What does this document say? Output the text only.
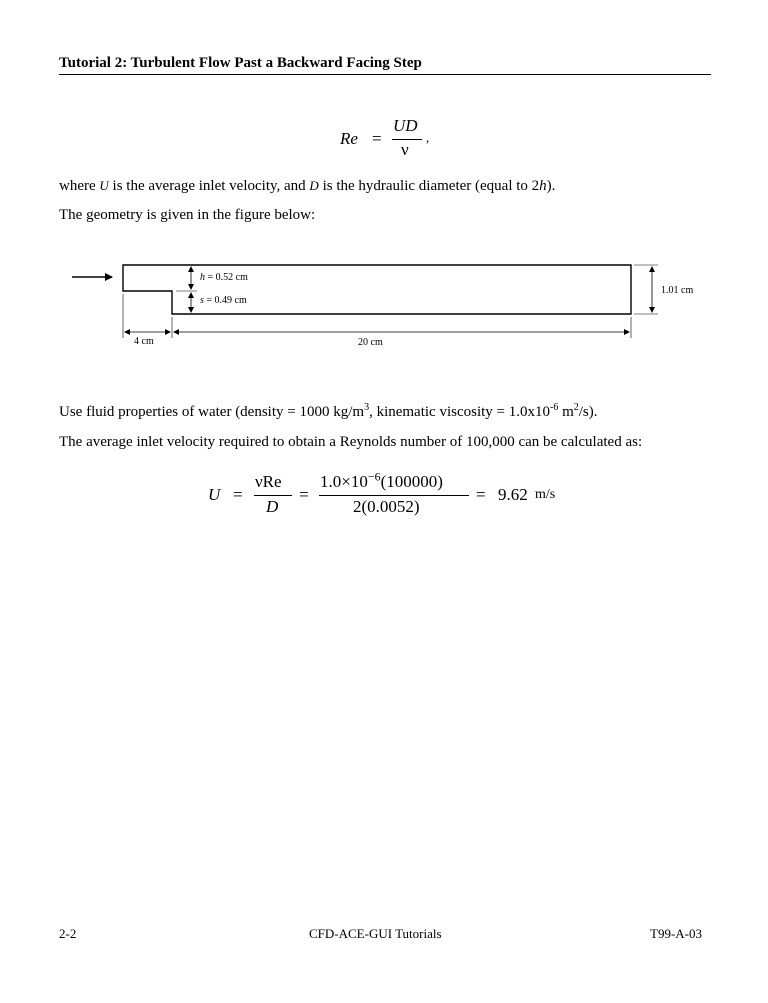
Tutorial 2: Turbulent Flow Past a Backward Facing Step
Re =
UD
ν
,
where U is the average inlet velocity, and D is the hydraulic diameter (equal to 2h).
The geometry is given in the figure below:
h = 0.52 cm
s = 0.49 cm
1.01 cm
4 cm	20 cm
Use fluid properties of water (density = 1000 $kg/m^3$, kinematic viscosity = $1.0x10^{-6}$ $m^2/s$).
The average inlet velocity required to obtain a Reynolds number of 100,000 can be calculated as:
U =
νRe
D
=
$1.0\times 10^{-6}(100000)$
2(0.0052)
= 9.62 m/s
2-2	CFD-ACE-GUI Tutorials	T99-A-03
